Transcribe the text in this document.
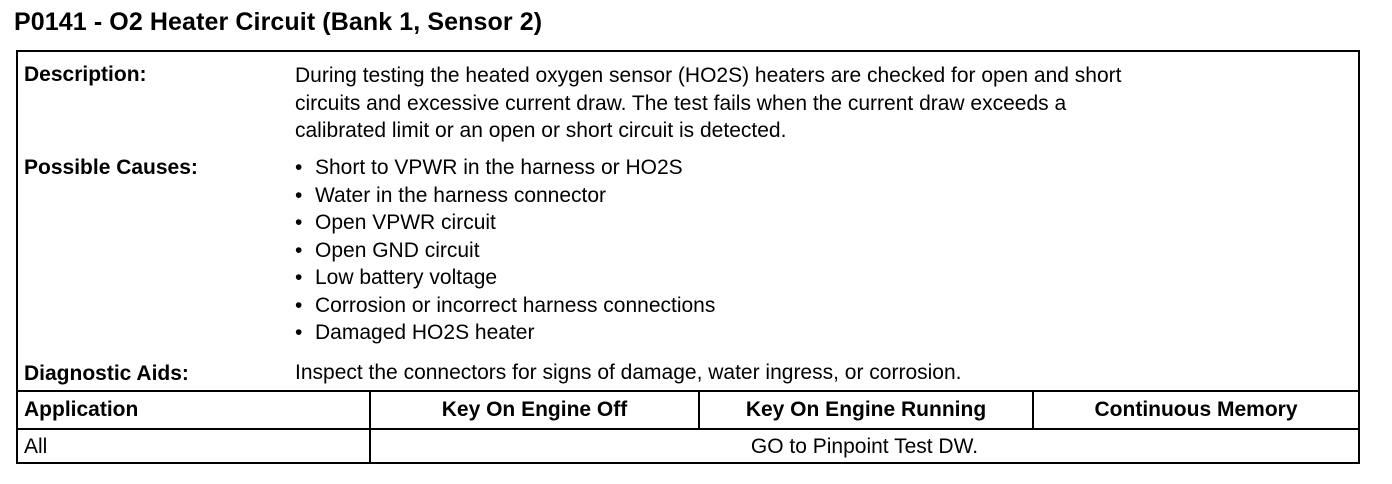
P0141 - O2 Heater Circuit (Bank 1, Sensor 2)
Description:	During testing the heated oxygen sensor (HO2S) heaters are checked for open and short
circuits and excessive current draw. The test fails when the current draw exceeds a
calibrated limit or an open or short circuit is detected.
Possible Causes:	• Short to VPWR in the harness or HO2S
• Water in the harness connector
• Open VPWR circuit
• Open GND circuit
• Low battery voltage
• Corrosion or incorrect harness connections
• Damaged HO2S heater
Diagnostic Aids:	Inspect the connectors for signs of damage, water ingress, or corrosion.
Application	Key On Engine Off	Key On Engine Running	Continuous Memory
All	GO to Pinpoint Test DW.		
